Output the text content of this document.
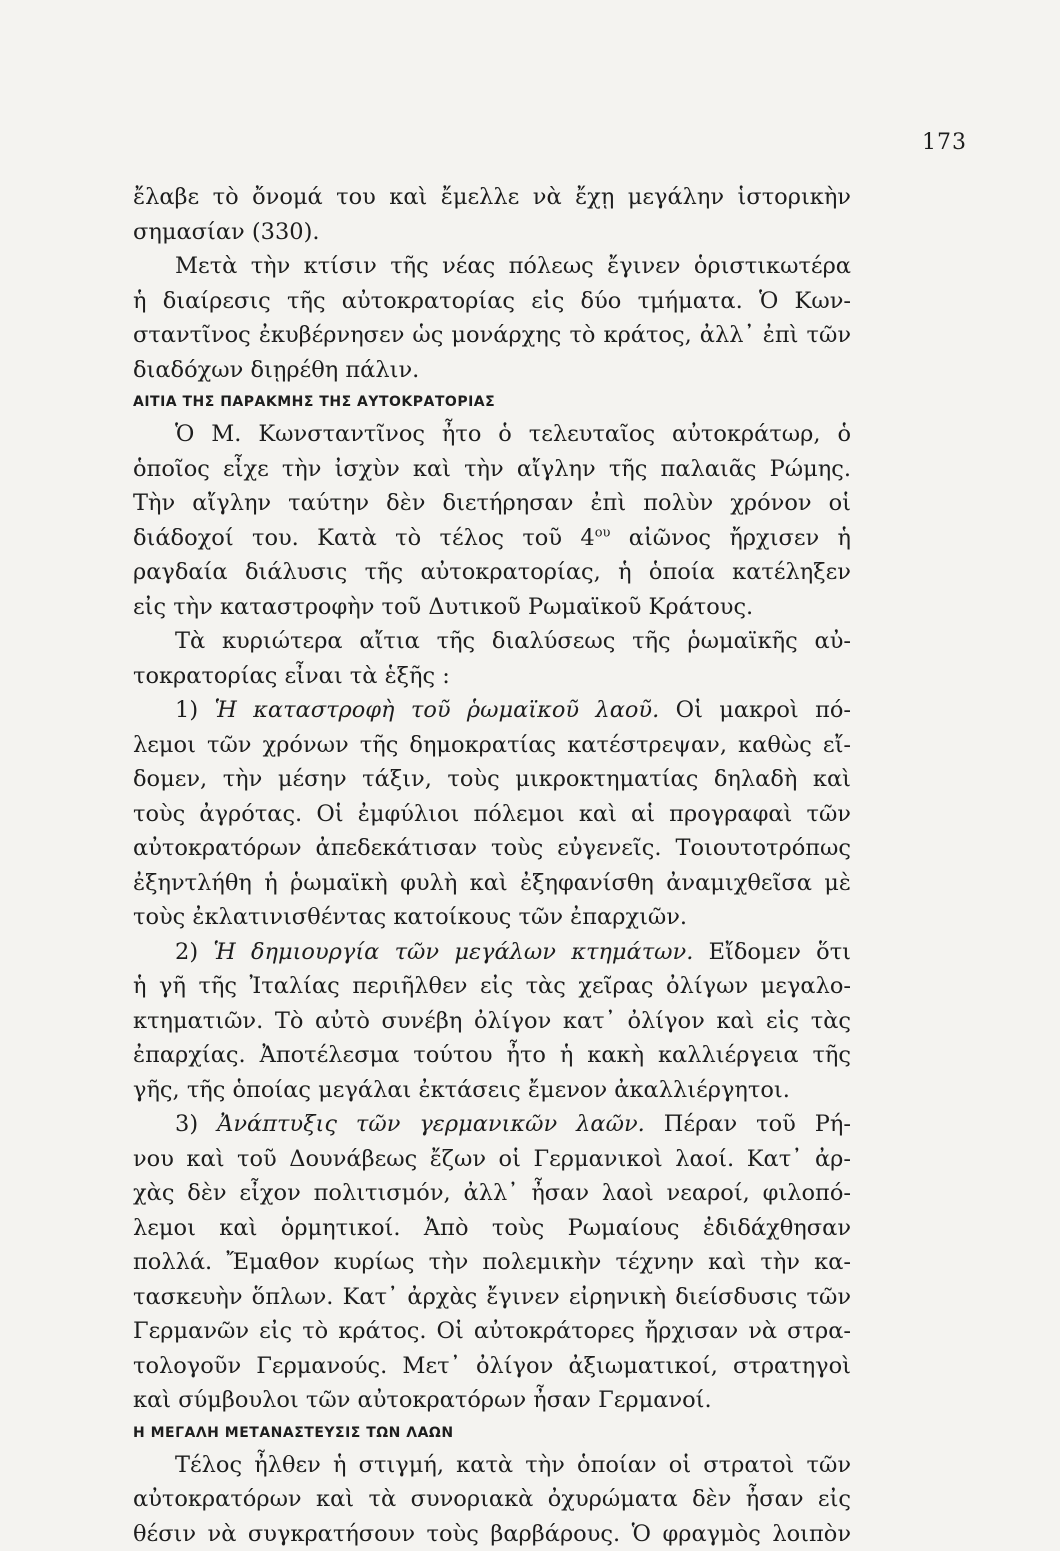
173
ἔλαβε τὸ ὄνομά του καὶ ἔμελλε νὰ ἔχῃ μεγάλην ἱστορικὴν
σημασίαν (330).
Μετὰ τὴν κτίσιν τῆς νέας πόλεως ἔγινεν ὁριστικωτέρα
ἡ διαίρεσις τῆς αὐτοκρατορίας εἰς δύο τμήματα. Ὁ Κων-
σταντῖνος ἐκυβέρνησεν ὡς μονάρχης τὸ κράτος, ἀλλ᾽ ἐπὶ τῶν
διαδόχων διῃρέθη πάλιν.
ΑΙΤΙΑ ΤΗΣ ΠΑΡΑΚΜΗΣ ΤΗΣ ΑΥΤΟΚΡΑΤΟΡΙΑΣ
Ὁ Μ. Κωνσταντῖνος ἦτο ὁ τελευταῖος αὐτοκράτωρ, ὁ
ὁποῖος εἶχε τὴν ἰσχὺν καὶ τὴν αἴγλην τῆς παλαιᾶς Ρώμης.
Τὴν αἴγλην ταύτην δὲν διετήρησαν ἐπὶ πολὺν χρόνον οἱ
διάδοχοί του. Κατὰ τὸ τέλος τοῦ $4^{o\upsilon}$ αἰῶνος ἤρχισεν ἡ
ραγδαία διάλυσις τῆς αὐτοκρατορίας, ἡ ὁποία κατέληξεν
εἰς τὴν καταστροφὴν τοῦ Δυτικοῦ Ρωμαϊκοῦ Κράτους.
Τὰ κυριώτερα αἴτια τῆς διαλύσεως τῆς ῥωμαϊκῆς αὐ-
τοκρατορίας εἶναι τὰ ἑξῆς :
1) Ἡ καταστροφὴ τοῦ ῥωμαϊκοῦ λαοῦ. Οἱ μακροὶ πό-
λεμοι τῶν χρόνων τῆς δημοκρατίας κατέστρεψαν, καθὼς εἴ-
δομεν, τὴν μέσην τάξιν, τοὺς μικροκτηματίας δηλαδὴ καὶ
τοὺς ἀγρότας. Οἱ ἐμφύλιοι πόλεμοι καὶ αἱ προγραφαὶ τῶν
αὐτοκρατόρων ἀπεδεκάτισαν τοὺς εὐγενεῖς. Τοιουτοτρόπως
ἐξηντλήθη ἡ ῥωμαϊκὴ φυλὴ καὶ ἐξηφανίσθη ἀναμιχθεῖσα μὲ
τοὺς ἐκλατινισθέντας κατοίκους τῶν ἐπαρχιῶν.
2) Ἡ δημιουργία τῶν μεγάλων κτημάτων. Εἴδομεν ὅτι
ἡ γῆ τῆς Ἰταλίας περιῆλθεν εἰς τὰς χεῖρας ὀλίγων μεγαλο-
κτηματιῶν. Τὸ αὐτὸ συνέβη ὀλίγον κατ᾽ ὀλίγον καὶ εἰς τὰς
ἐπαρχίας. Ἀποτέλεσμα τούτου ἦτο ἡ κακὴ καλλιέργεια τῆς
γῆς, τῆς ὁποίας μεγάλαι ἐκτάσεις ἔμενον ἀκαλλιέργητοι.
3) Ἀνάπτυξις τῶν γερμανικῶν λαῶν. Πέραν τοῦ Ρή-
νου καὶ τοῦ Δουνάβεως ἔζων οἱ Γερμανικοὶ λαοί. Κατ᾽ ἀρ-
χὰς δὲν εἶχον πολιτισμόν, ἀλλ᾽ ἦσαν λαοὶ νεαροί, φιλοπό-
λεμοι καὶ ὁρμητικοί. Ἀπὸ τοὺς Ρωμαίους ἐδιδάχθησαν
πολλά. Ἔμαθον κυρίως τὴν πολεμικὴν τέχνην καὶ τὴν κα-
τασκευὴν ὅπλων. Κατ᾽ ἀρχὰς ἔγινεν εἰρηνικὴ διείσδυσις τῶν
Γερμανῶν εἰς τὸ κράτος. Οἱ αὐτοκράτορες ἤρχισαν νὰ στρα-
τολογοῦν Γερμανούς. Μετ᾽ ὀλίγον ἀξιωματικοί, στρατηγοὶ
καὶ σύμβουλοι τῶν αὐτοκρατόρων ἦσαν Γερμανοί.
Η ΜΕΓΑΛΗ ΜΕΤΑΝΑΣΤΕΥΣΙΣ ΤΩΝ ΛΑΩΝ
Τέλος ἦλθεν ἡ στιγμή, κατὰ τὴν ὁποίαν οἱ στρατοὶ τῶν
αὐτοκρατόρων καὶ τὰ συνοριακὰ ὀχυρώματα δὲν ἦσαν εἰς
θέσιν νὰ συγκρατήσουν τοὺς βαρβάρους. Ὁ φραγμὸς λοιπὸν
